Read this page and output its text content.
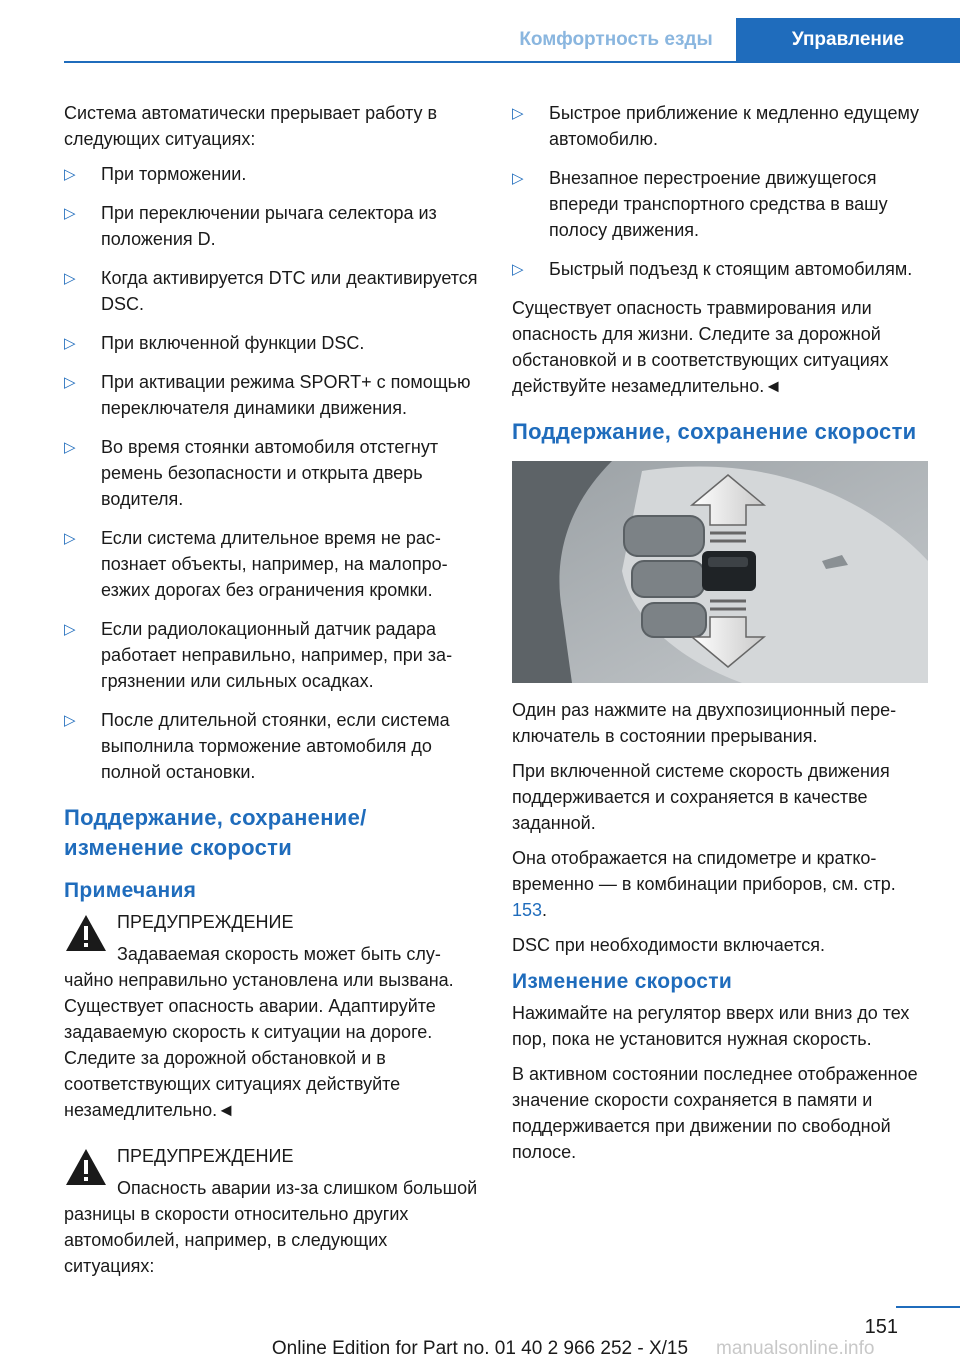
Комфортность езды	Управление

Система автоматически прерывает работу в следующих ситуациях:

▷ При торможении.
▷ При переключении рычага селектора из положения D.
▷ Когда активируется DTC или деактивируется DSC.
▷ При включенной функции DSC.
▷ При активации режима SPORT+ с помощью переключателя динамики движения.
▷ Во время стоянки автомобиля отстегнут ремень безопасности и открыта дверь водителя.
▷ Если система длительное время не распознает объекты, например, на малопроезжих дорогах без ограничения кромки.
▷ Если радиолокационный датчик радара работает неправильно, например, при загрязнении или сильных осадках.
▷ После длительной стоянки, если система выполнила торможение автомобиля до полной остановки.
Поддержание, сохранение/ изменение скорости
Примечания
ПРЕДУПРЕЖДЕНИЕ
Задаваемая скорость может быть случайно неправильно установлена или вызвана. Существует опасность аварии. Адаптируйте задаваемую скорость к ситуации на дороге. Следите за дорожной обстановкой и в соответствующих ситуациях действуйте незамедлительно.◄
ПРЕДУПРЕЖДЕНИЕ
Опасность аварии из-за слишком большой разницы в скорости относительно других автомобилей, например, в следующих ситуациях:
▷ Быстрое приближение к медленно едущему автомобилю.
▷ Внезапное перестроение движущегося впереди транспортного средства в вашу полосу движения.
▷ Быстрый подъезд к стоящим автомобилям.

Существует опасность травмирования или опасность для жизни. Следите за дорожной обстановкой и в соответствующих ситуациях действуйте незамедлительно.◄

Поддержание, сохранение скорости

Один раз нажмите на двухпозиционный переключатель в состоянии прерывания.

При включенной системе скорость движения поддерживается и сохраняется в качестве заданной.

Она отображается на спидометре и кратковременно — в комбинации приборов, см. стр. 153.

DSC при необходимости включается.

Изменение скорости

Нажимайте на регулятор вверх или вниз до тех пор, пока не установится нужная скорость.

В активном состоянии последнее отображенное значение скорости сохраняется в памяти и поддерживается при движении по свободной полосе.

151
Online Edition for Part no. 01 40 2 966 252 - X/15	manualsonline.info
